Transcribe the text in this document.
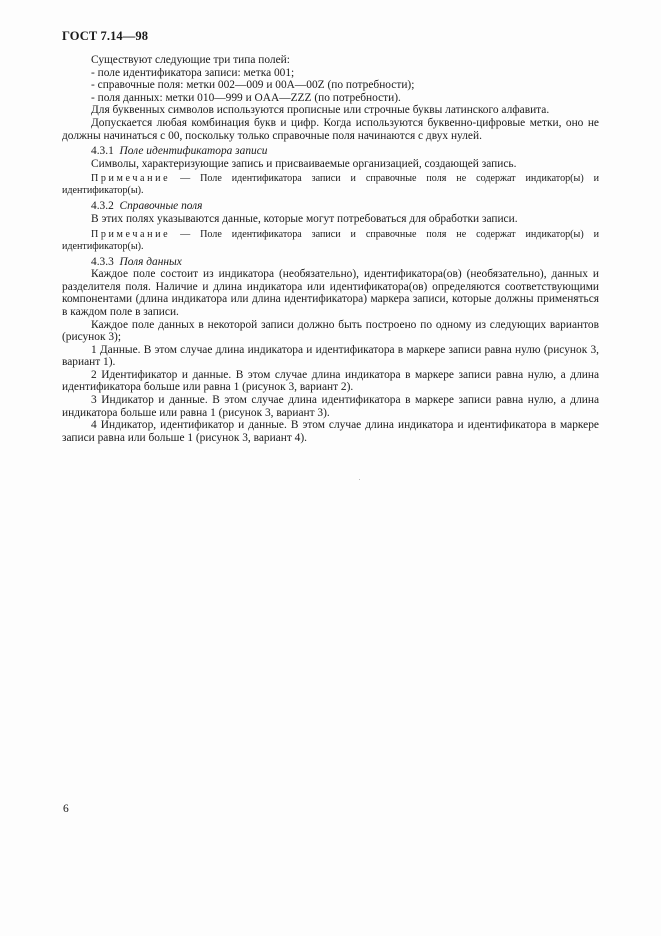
ГОСТ 7.14—98

Существуют следующие три типа полей:

- поле идентификатора записи: метка 001;

- справочные поля: метки 002—009 и 00A—00Z (по потребности);

- поля данных: метки 010—999 и OAA—ZZZ (по потребности).

Для буквенных символов используются прописные или строчные буквы латинского алфавита.

Допускается любая комбинация букв и цифр. Когда используются буквенно-цифровые метки, оно не должны начинаться с 00, поскольку только справочные поля начинаются с двух нулей.

4.3.1 Поле идентификатора записи

Символы, характеризующие запись и присваиваемые организацией, создающей запись.

Примечание — Поле идентификатора записи и справочные поля не содержат индикатор(ы) и идентификатор(ы).

4.3.2 Справочные поля

В этих полях указываются данные, которые могут потребоваться для обработки записи.

Примечание — Поле идентификатора записи и справочные поля не содержат индикатор(ы) и идентификатор(ы).

4.3.3 Поля данных

Каждое поле состоит из индикатора (необязательно), идентификатора(ов) (необязательно), данных и разделителя поля. Наличие и длина индикатора или идентификатора(ов) определяются соответствующими компонентами (длина индикатора или длина идентификатора) маркера записи, которые должны применяться в каждом поле в записи.

Каждое поле данных в некоторой записи должно быть построено по одному из следующих вариантов (рисунок 3);

1 Данные. В этом случае длина индикатора и идентификатора в маркере записи равна нулю (рисунок 3, вариант 1).

2 Идентификатор и данные. В этом случае длина индикатора в маркере записи равна нулю, а длина идентификатора больше или равна 1 (рисунок 3, вариант 2).

3 Индикатор и данные. В этом случае длина идентификатора в маркере записи равна нулю, а длина индикатора больше или равна 1 (рисунок 3, вариант 3).

4 Индикатор, идентификатор и данные. В этом случае длина индикатора и идентификатора в маркере записи равна или больше 1 (рисунок 3, вариант 4).

6
